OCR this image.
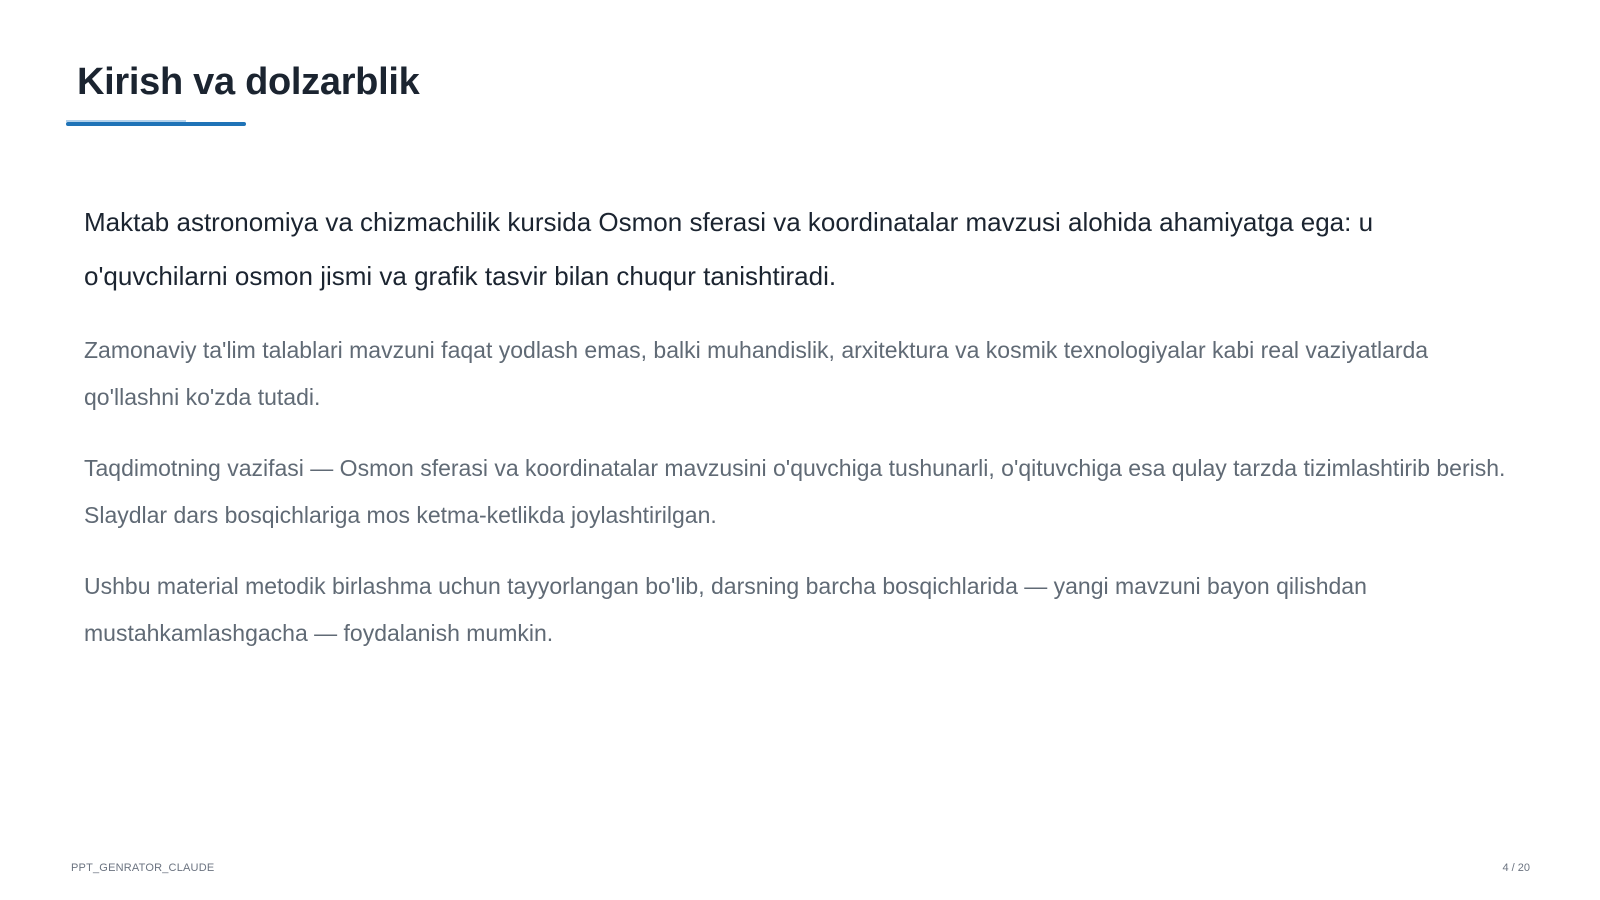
Kirish va dolzarblik

Maktab astronomiya va chizmachilik kursida Osmon sferasi va koordinatalar mavzusi alohida ahamiyatga ega: u o'quvchilarni osmon jismi va grafik tasvir bilan chuqur tanishtiradi.

Zamonaviy ta'lim talablari mavzuni faqat yodlash emas, balki muhandislik, arxitektura va kosmik texnologiyalar kabi real vaziyatlarda qo'llashni ko'zda tutadi.

Taqdimotning vazifasi — Osmon sferasi va koordinatalar mavzusini o'quvchiga tushunarli, o'qituvchiga esa qulay tarzda tizimlashtirib berish. Slaydlar dars bosqichlariga mos ketma-ketlikda joylashtirilgan.

Ushbu material metodik birlashma uchun tayyorlangan bo'lib, darsning barcha bosqichlarida — yangi mavzuni bayon qilishdan mustahkamlashgacha — foydalanish mumkin.

PPT_GENRATOR_CLAUDE	4 / 20
